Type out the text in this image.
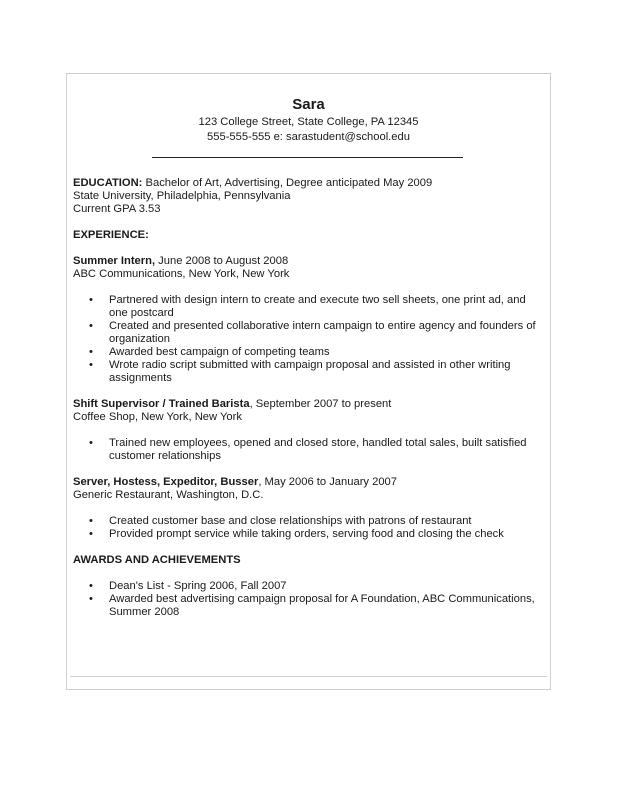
Sara
123 College Street, State College, PA 12345
555-555-555 e: sarastudent@school.edu

EDUCATION: Bachelor of Art, Advertising, Degree anticipated May 2009

State University, Philadelphia, Pennsylvania

Current GPA 3.53

EXPERIENCE:

Summer Intern, June 2008 to August 2008

ABC Communications, New York, New York

• Partnered with design intern to create and execute two sell sheets, one print ad, and one postcard
• Created and presented collaborative intern campaign to entire agency and founders of organization
• Awarded best campaign of competing teams
• Wrote radio script submitted with campaign proposal and assisted in other writing assignments

Shift Supervisor / Trained Barista, September 2007 to present

Coffee Shop, New York, New York

• Trained new employees, opened and closed store, handled total sales, built satisfied customer relationships

Server, Hostess, Expeditor, Busser, May 2006 to January 2007

Generic Restaurant, Washington, D.C.

• Created customer base and close relationships with patrons of restaurant
• Provided prompt service while taking orders, serving food and closing the check

AWARDS AND ACHIEVEMENTS

• Dean's List - Spring 2006, Fall 2007
• Awarded best advertising campaign proposal for A Foundation, ABC Communications, Summer 2008
